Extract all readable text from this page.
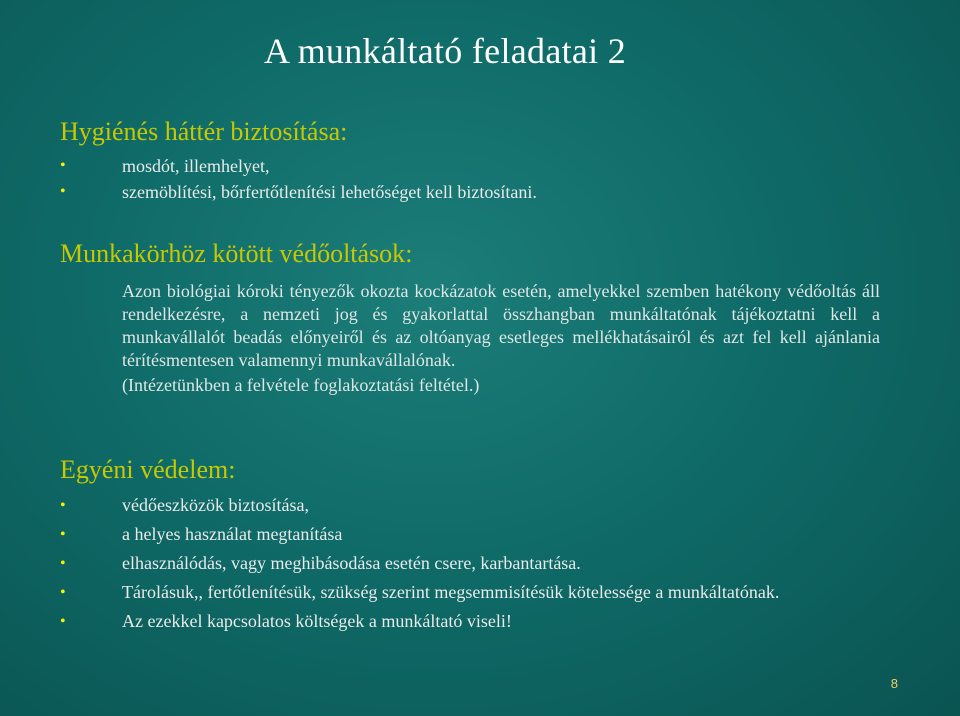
A munkáltató feladatai 2
Hygiénés háttér biztosítása:
• mosdót, illemhelyet,
• szemöblítési, bőrfertőtlenítési lehetőséget kell biztosítani.
Munkakörhöz kötött védőoltások:
Azon biológiai kóroki tényezők okozta kockázatok esetén, amelyekkel szemben hatékony védőoltás áll rendelkezésre, a nemzeti jog és gyakorlattal összhangban munkáltatónak tájékoztatni kell a munkavállalót beadás előnyeiről és az oltóanyag esetleges mellékhatásairól és azt fel kell ajánlania térítésmentesen valamennyi munkavállalónak.
(Intézetünkben a felvétele foglakoztatási feltétel.)
Egyéni védelem:
• védőeszközök biztosítása,
• a helyes használat megtanítása
• elhasználódás, vagy meghibásodása esetén csere, karbantartása.
• Tárolásuk,, fertőtlenítésük, szükség szerint megsemmisítésük kötelessége a munkáltatónak.
• Az ezekkel kapcsolatos költségek a munkáltató viseli!
8
